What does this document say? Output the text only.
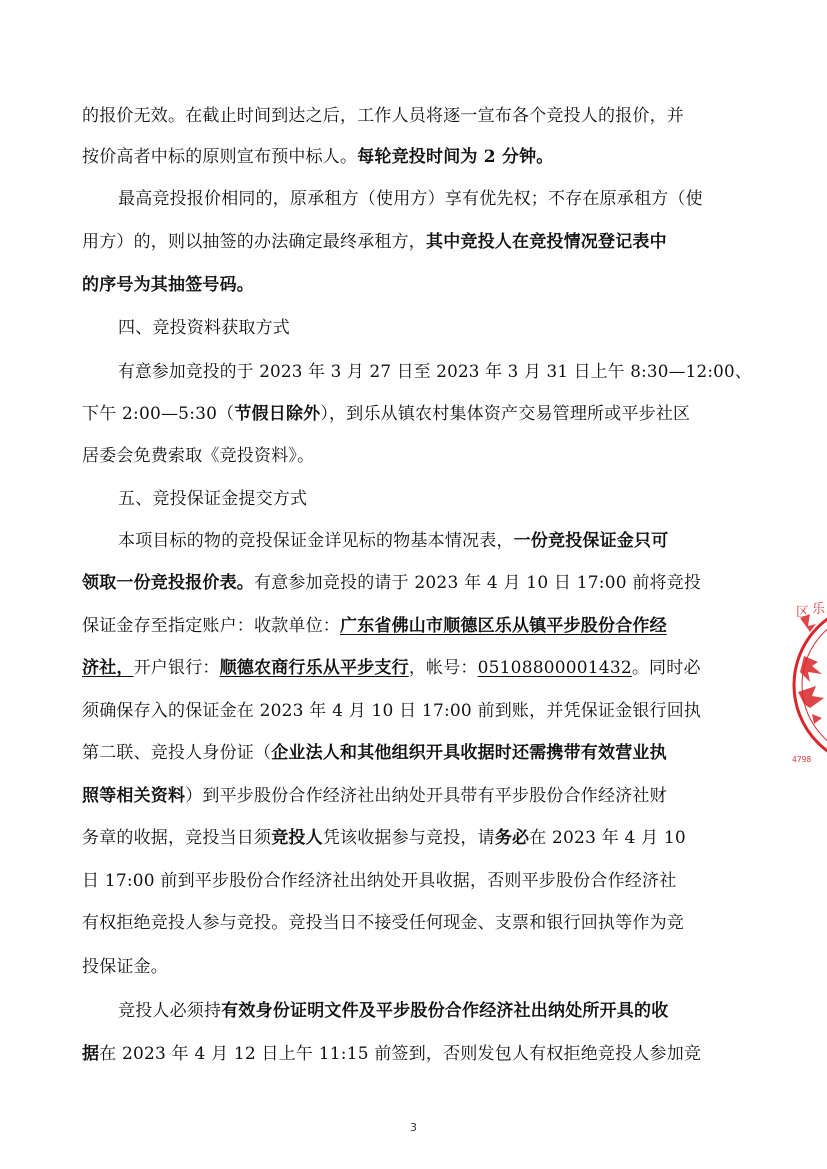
的报价无效。在截止时间到达之后，工作人员将逐一宣布各个竞投人的报价，并
按价高者中标的原则宣布预中标人。每轮竞投时间为 2 分钟。
最高竞投报价相同的，原承租方（使用方）享有优先权；不存在原承租方（使
用方）的，则以抽签的办法确定最终承租方，其中竞投人在竞投情况登记表中
的序号为其抽签号码。
四、竞投资料获取方式
有意参加竞投的于 2023 年 3 月 27 日至 2023 年 3 月 31 日上午 8:30—12:00、
下午 2:00—5:30（节假日除外），到乐从镇农村集体资产交易管理所或平步社区
居委会免费索取《竞投资料》。
五、竞投保证金提交方式
本项目标的物的竞投保证金详见标的物基本情况表，一份竞投保证金只可
领取一份竞投报价表。有意参加竞投的请于 2023 年 4 月 10 日 17:00 前将竞投
保证金存至指定账户：收款单位：广东省佛山市顺德区乐从镇平步股份合作经
济社，开户银行：顺德农商行乐从平步支行，帐号：05108800001432。同时必
须确保存入的保证金在 2023 年 4 月 10 日 17:00 前到账，并凭保证金银行回执
第二联、竞投人身份证（企业法人和其他组织开具收据时还需携带有效营业执
照等相关资料）到平步股份合作经济社出纳处开具带有平步股份合作经济社财
务章的收据，竞投当日须竞投人凭该收据参与竞投，请务必在 2023 年 4 月 10
日 17:00 前到平步股份合作经济社出纳处开具收据，否则平步股份合作经济社
有权拒绝竞投人参与竞投。竞投当日不接受任何现金、支票和银行回执等作为竞
投保证金。
竞投人必须持有效身份证明文件及平步股份合作经济社出纳处所开具的收
据在 2023 年 4 月 12 日上午 11:15 前签到，否则发包人有权拒绝竞投人参加竞
区 乐
4798
3
